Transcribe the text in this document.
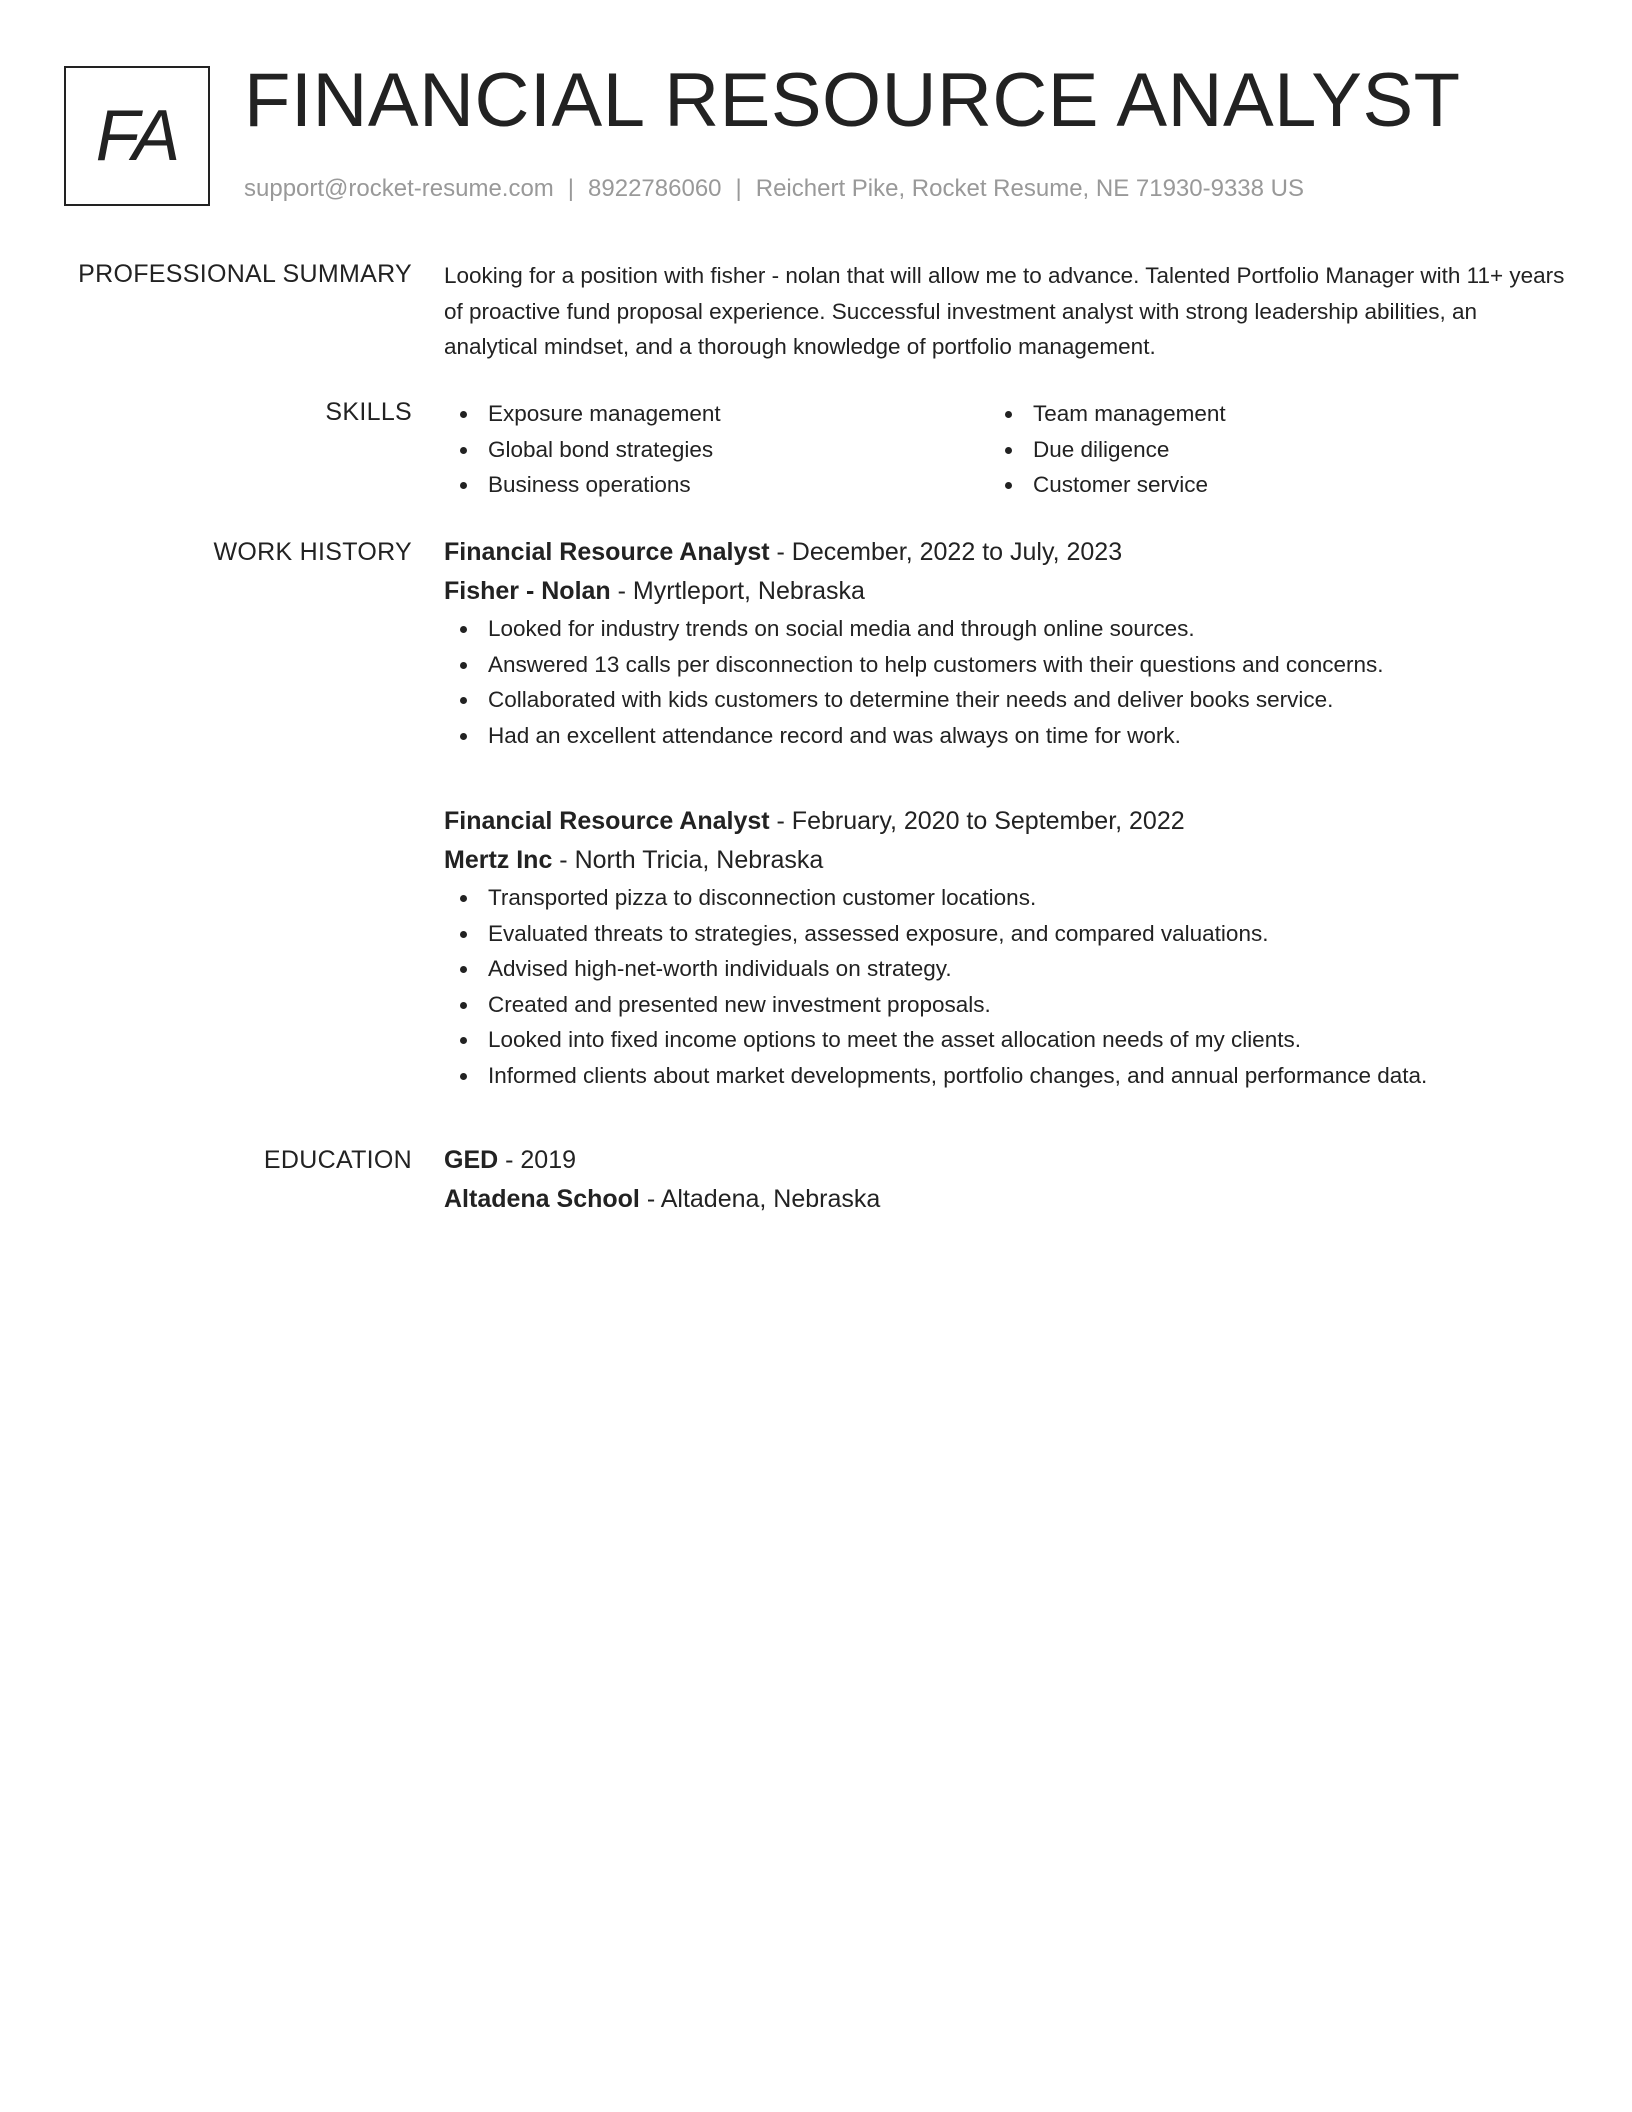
FA FINANCIAL RESOURCE ANALYST
support@rocket-resume.com | 8922786060 | Reichert Pike, Rocket Resume, NE 71930-9338 US
PROFESSIONAL SUMMARY Looking for a position with fisher - nolan that will allow me to advance. Talented Portfolio Manager with 11+ years of proactive fund proposal experience. Successful investment analyst with strong leadership abilities, an analytical mindset, and a thorough knowledge of portfolio management.

SKILLS	Exposure management
Global bond strategies
Business operations
Team management
Due diligence
Customer service
WORK HISTORY Financial Resource Analyst - December, 2022 to July, 2023
Fisher - Nolan - Myrtleport, Nebraska
Looked for industry trends on social media and through online sources.
Answered 13 calls per disconnection to help customers with their questions and concerns.
Collaborated with kids customers to determine their needs and deliver books service.
Had an excellent attendance record and was always on time for work.
Financial Resource Analyst - February, 2020 to September, 2022
Mertz Inc - North Tricia, Nebraska
Transported pizza to disconnection customer locations.
Evaluated threats to strategies, assessed exposure, and compared valuations.
Advised high-net-worth individuals on strategy.
Created and presented new investment proposals.
Looked into fixed income options to meet the asset allocation needs of my clients.
Informed clients about market developments, portfolio changes, and annual performance data.
EDUCATION GED - 2019
Altadena School - Altadena, Nebraska
